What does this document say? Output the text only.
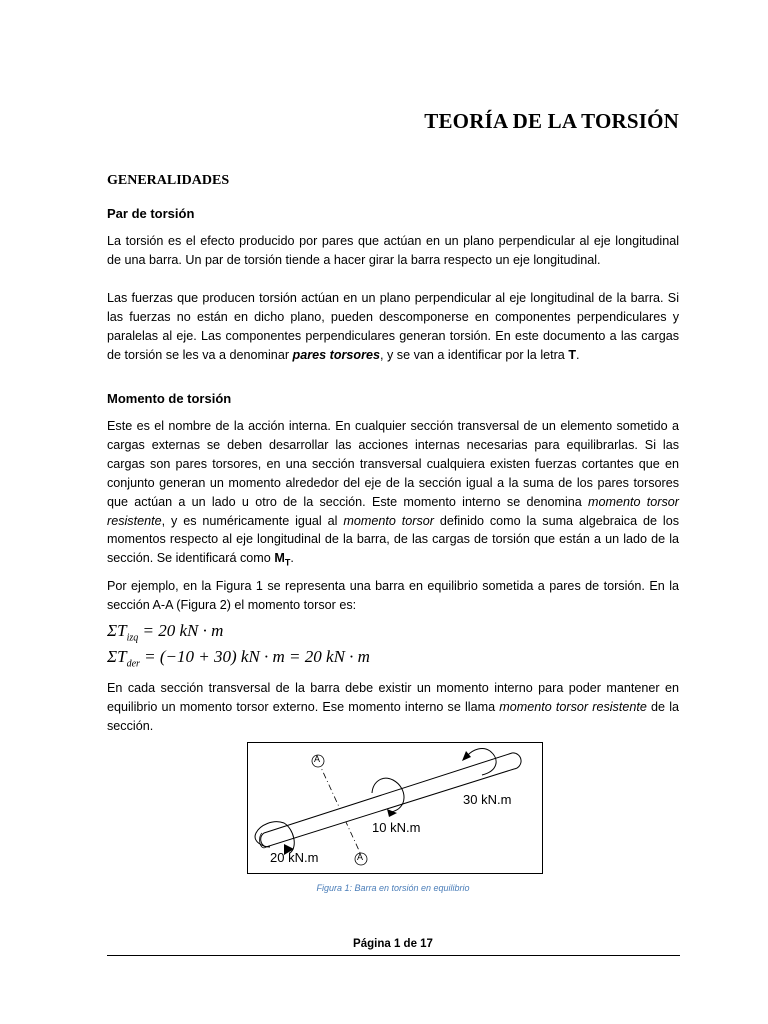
TEORÍA DE LA TORSIÓN
GENERALIDADES
Par de torsión

La torsión es el efecto producido por pares que actúan en un plano perpendicular al eje longitudinal de una barra. Un par de torsión tiende a hacer girar la barra respecto un eje longitudinal.

Las fuerzas que producen torsión actúan en un plano perpendicular al eje longitudinal de la barra. Si las fuerzas no están en dicho plano, pueden descomponerse en componentes perpendiculares y paralelas al eje. Las componentes perpendiculares generan torsión. En este documento a las cargas de torsión se les va a denominar pares torsores, y se van a identificar por la letra T.

Momento de torsión

Este es el nombre de la acción interna. En cualquier sección transversal de un elemento sometido a cargas externas se deben desarrollar las acciones internas necesarias para equilibrarlas. Si las cargas son pares torsores, en una sección transversal cualquiera existen fuerzas cortantes que en conjunto generan un momento alrededor del eje de la sección igual a la suma de los pares torsores que actúan a un lado u otro de la sección. Este momento interno se denomina momento torsor resistente, y es numéricamente igual al momento torsor definido como la suma algebraica de los momentos respecto al eje longitudinal de la barra, de las cargas de torsión que están a un lado de la sección. Se identificará como $M_T$.

Por ejemplo, en la Figura 1 se representa una barra en equilibrio sometida a pares de torsión. En la sección A-A (Figura 2) el momento torsor es:

$\Sigma T_{izq} = 20$ kN · m
$\Sigma T_{der} = (-10 + 30)$ kN · m = 20 kN · m

En cada sección transversal de la barra debe existir un momento interno para poder mantener en equilibrio un momento torsor externo. Ese momento interno se llama momento torsor resistente de la sección.

A
A
30 kN.m
10 kN.m
20 kN.m

Figura 1: Barra en torsión en equilibrio

Página 1 de 17
